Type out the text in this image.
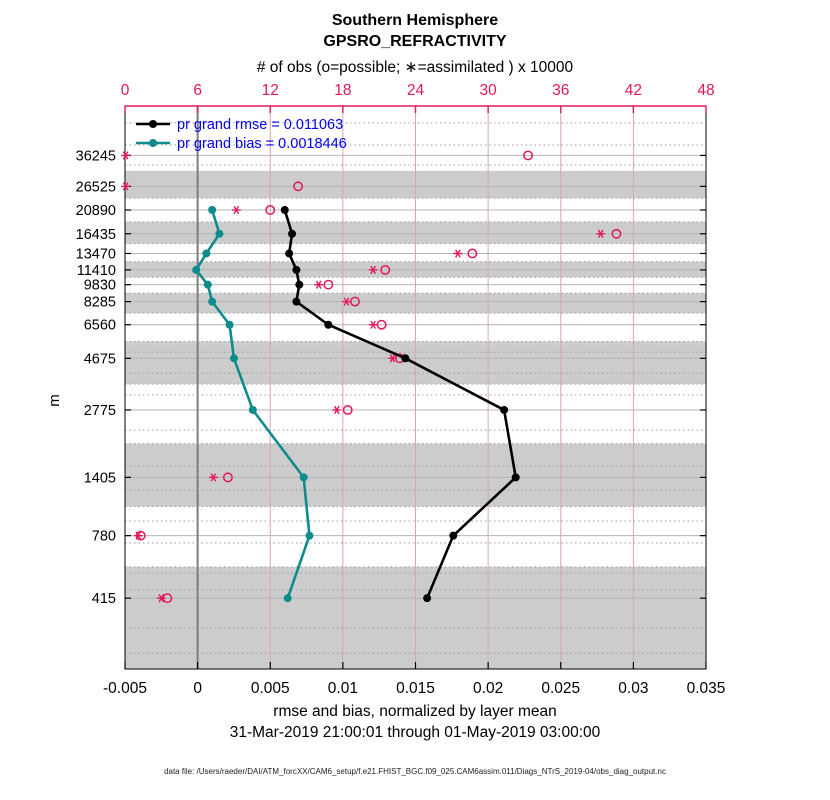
Southern Hemisphere
GPSRO_REFRACTIVITY
# of obs (o=possible; ∗=assimilated ) x 10000
m
rmse and bias, normalized by layer mean
31-Mar-2019 21:00:01 through 01-May-2019 03:00:00
data file: /Users/raeder/DAI/ATM_forcXX/CAM6_setup/f.e21.FHIST_BGC.f09_025.CAM6assim.011/Diags_NTrS_2019-04/obs_diag_output.nc
-0.005	0	0.005 0.01 0.015 0.02 0.025 0.03 0.035
0	6	12	18	24	30	36	42	48
36245
26525
20890
16435
13470
11410
9830
8285
6560
4675
2775
1405
780
415
pr grand rmse = 0.011063
pr grand bias = 0.0018446
